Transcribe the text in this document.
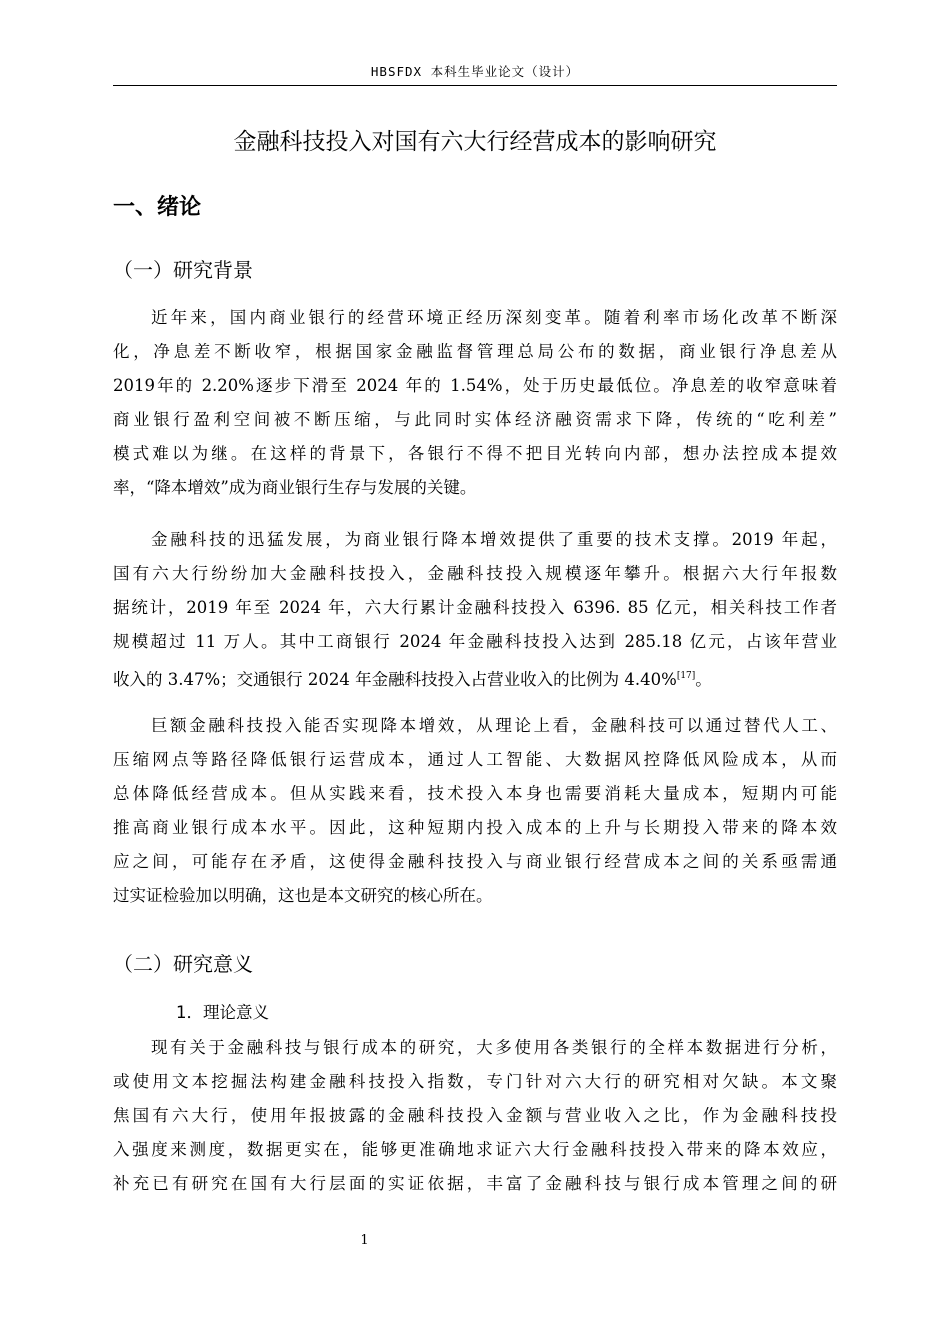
HBSFDX 本科生毕业论文（设计）
金融科技投入对国有六大行经营成本的影响研究
一、绪论
（一）研究背景
近年来，国内商业银行的经营环境正经历深刻变革。随着利率市场化改革不断深
化，净息差不断收窄，根据国家金融监督管理总局公布的数据，商业银行净息差从
2019年的 2.20%逐步下滑至 2024 年的 1.54%，处于历史最低位。净息差的收窄意味着
商业银行盈利空间被不断压缩，与此同时实体经济融资需求下降，传统的“吃利差”
模式难以为继。在这样的背景下，各银行不得不把目光转向内部，想办法控成本提效
率，“降本增效”成为商业银行生存与发展的关键。
金融科技的迅猛发展，为商业银行降本增效提供了重要的技术支撑。2019 年起，
国有六大行纷纷加大金融科技投入，金融科技投入规模逐年攀升。根据六大行年报数
据统计，2019 年至 2024 年，六大行累计金融科技投入 6396. 85 亿元，相关科技工作者
规模超过 11 万人。其中工商银行 2024 年金融科技投入达到 285.18 亿元，占该年营业
收入的 3.47%；交通银行 2024 年金融科技投入占营业收入的比例为 4.40%[17]。
巨额金融科技投入能否实现降本增效，从理论上看，金融科技可以通过替代人工、
压缩网点等路径降低银行运营成本，通过人工智能、大数据风控降低风险成本，从而
总体降低经营成本。但从实践来看，技术投入本身也需要消耗大量成本，短期内可能
推高商业银行成本水平。因此，这种短期内投入成本的上升与长期投入带来的降本效
应之间，可能存在矛盾，这使得金融科技投入与商业银行经营成本之间的关系亟需通
过实证检验加以明确，这也是本文研究的核心所在。
（二）研究意义
1．理论意义
现有关于金融科技与银行成本的研究，大多使用各类银行的全样本数据进行分析，
或使用文本挖掘法构建金融科技投入指数，专门针对六大行的研究相对欠缺。本文聚
焦国有六大行，使用年报披露的金融科技投入金额与营业收入之比，作为金融科技投
入强度来测度，数据更实在，能够更准确地求证六大行金融科技投入带来的降本效应，
补充已有研究在国有大行层面的实证依据，丰富了金融科技与银行成本管理之间的研
1
